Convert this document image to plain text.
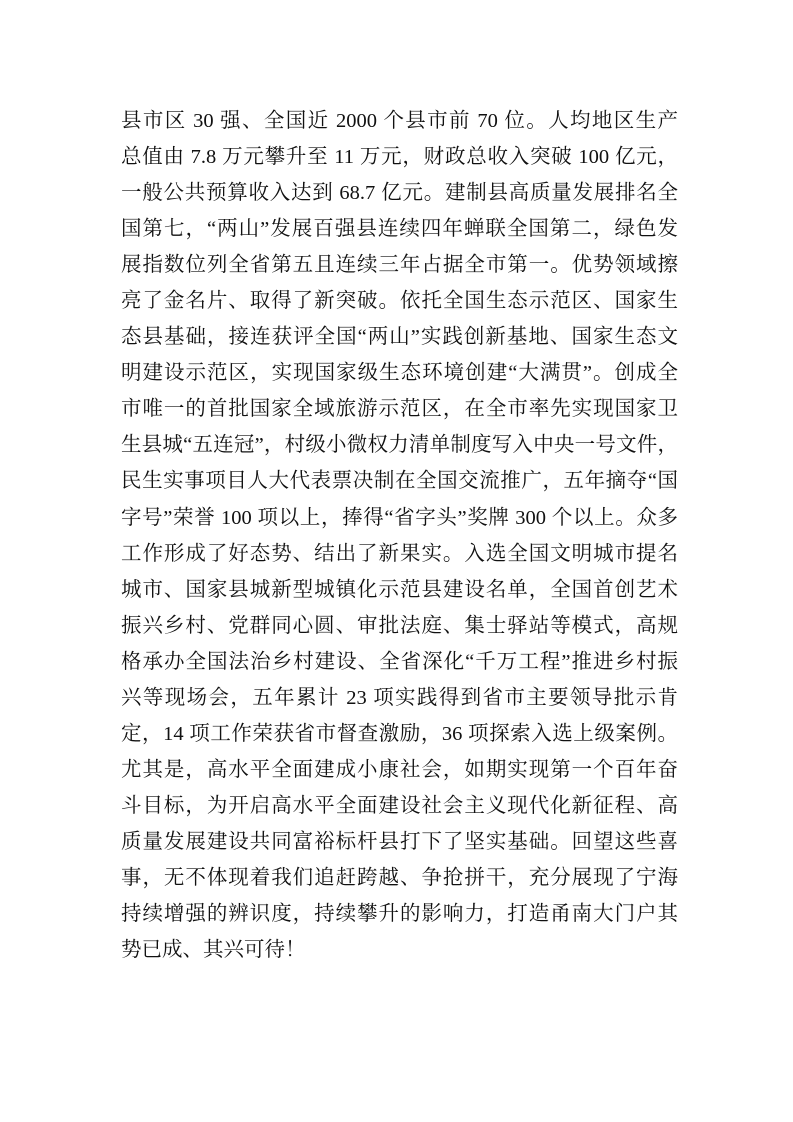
县市区 30 强、全国近 2000 个县市前 70 位。人均地区生产
总值由 7.8 万元攀升至 11 万元，财政总收入突破 100 亿元，
一般公共预算收入达到 68.7 亿元。建制县高质量发展排名全
国第七，“两山”发展百强县连续四年蝉联全国第二，绿色发
展指数位列全省第五且连续三年占据全市第一。优势领域擦
亮了金名片、取得了新突破。依托全国生态示范区、国家生
态县基础，接连获评全国“两山”实践创新基地、国家生态文
明建设示范区，实现国家级生态环境创建“大满贯”。创成全
市唯一的首批国家全域旅游示范区，在全市率先实现国家卫
生县城“五连冠”，村级小微权力清单制度写入中央一号文件，
民生实事项目人大代表票决制在全国交流推广，五年摘夺“国
字号”荣誉 100 项以上，捧得“省字头”奖牌 300 个以上。众多
工作形成了好态势、结出了新果实。入选全国文明城市提名
城市、国家县城新型城镇化示范县建设名单，全国首创艺术
振兴乡村、党群同心圆、审批法庭、集士驿站等模式，高规
格承办全国法治乡村建设、全省深化“千万工程”推进乡村振
兴等现场会，五年累计 23 项实践得到省市主要领导批示肯
定，14 项工作荣获省市督查激励，36 项探索入选上级案例。
尤其是，高水平全面建成小康社会，如期实现第一个百年奋
斗目标，为开启高水平全面建设社会主义现代化新征程、高
质量发展建设共同富裕标杆县打下了坚实基础。回望这些喜
事，无不体现着我们追赶跨越、争抢拼干，充分展现了宁海
持续增强的辨识度，持续攀升的影响力，打造甬南大门户其
势已成、其兴可待！
